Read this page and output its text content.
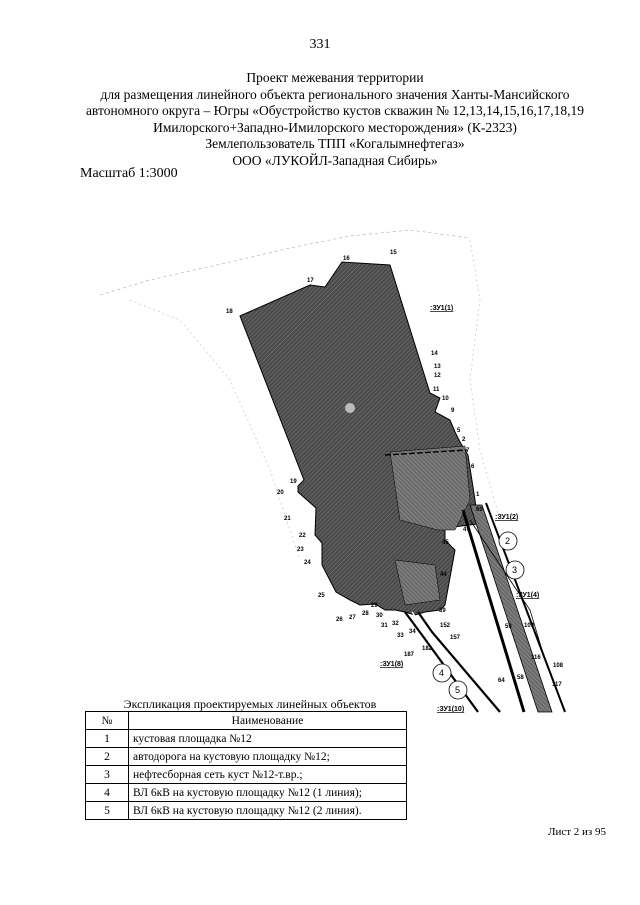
331
Проект межевания территории
для размещения линейного объекта регионального значения Ханты-Мансийского
автономного округа – Югры «Обустройство кустов скважин № 12,13,14,15,16,17,18,19
Имилорского+Западно-Имилорского месторождения» (К-2323)
Землепользователь ТПП «Когалымнефтегаз»
ООО «ЛУКОЙЛ-Западная Сибирь»
Масштаб 1:3000
15
16
17
18
14
13
12
11
10
9
5
2
7
6
1
60
19
20
21
22
23
24
25
26 27
28
29
30
31 32
33
34
39
44
45
47
152
157
182
187	116
109
108
117
58
59
64
:ЗУ1(1)
:ЗУ1(2)
:ЗУ1(4)
:ЗУ1(8)
:ЗУ1(10)
2
3
4
5
Экспликация проектируемых линейных объектов
№	Наименование
1	кустовая площадка №12
2	автодорога на кустовую площадку №12;
3	нефтесборная сеть куст №12-т.вр.;
4	ВЛ 6кВ на кустовую площадку №12 (1 линия);
5	ВЛ 6кВ на кустовую площадку №12 (2 линия).
Лист 2 из 95
